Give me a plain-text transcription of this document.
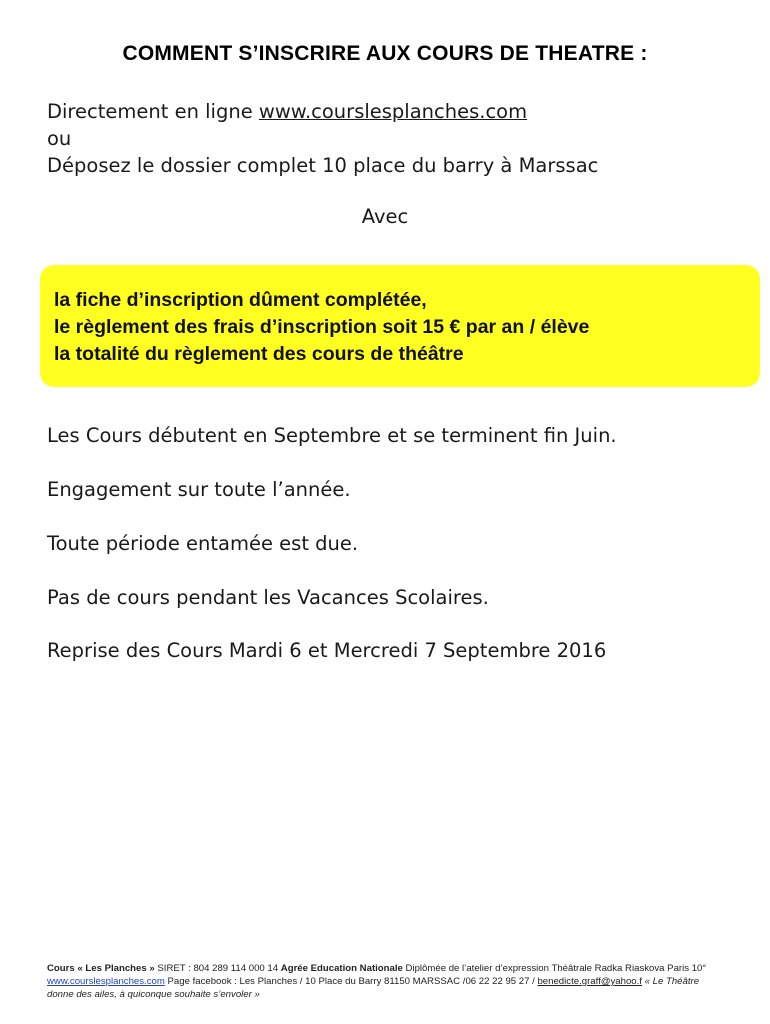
COMMENT S’INSCRIRE AUX COURS DE THEATRE :
Directement en ligne www.courslesplanches.com
ou
Déposez le dossier complet 10 place du barry à Marssac
Avec
la fiche d’inscription dûment complétée,
le règlement des frais d’inscription soit 15 € par an / élève
la totalité du règlement des cours de théâtre
Les Cours débutent en Septembre et se terminent fin Juin.
Engagement sur toute l’année.
Toute période entamée est due.
Pas de cours pendant les Vacances Scolaires.
Reprise des Cours Mardi 6 et Mercredi 7 Septembre 2016
Cours « Les Planches » SIRET : 804 289 114 000 14 Agrée Education Nationale Diplômée de l’atelier d’expression Théâtrale Radka Riaskova Paris 10° www.courslesplanches.com Page facebook : Les Planches / 10 Place du Barry 81150 MARSSAC /06 22 22 95 27 / benedicte.graff@yahoo.f « Le Théâtre donne des ailes, à quiconque souhaite s’envoler »
